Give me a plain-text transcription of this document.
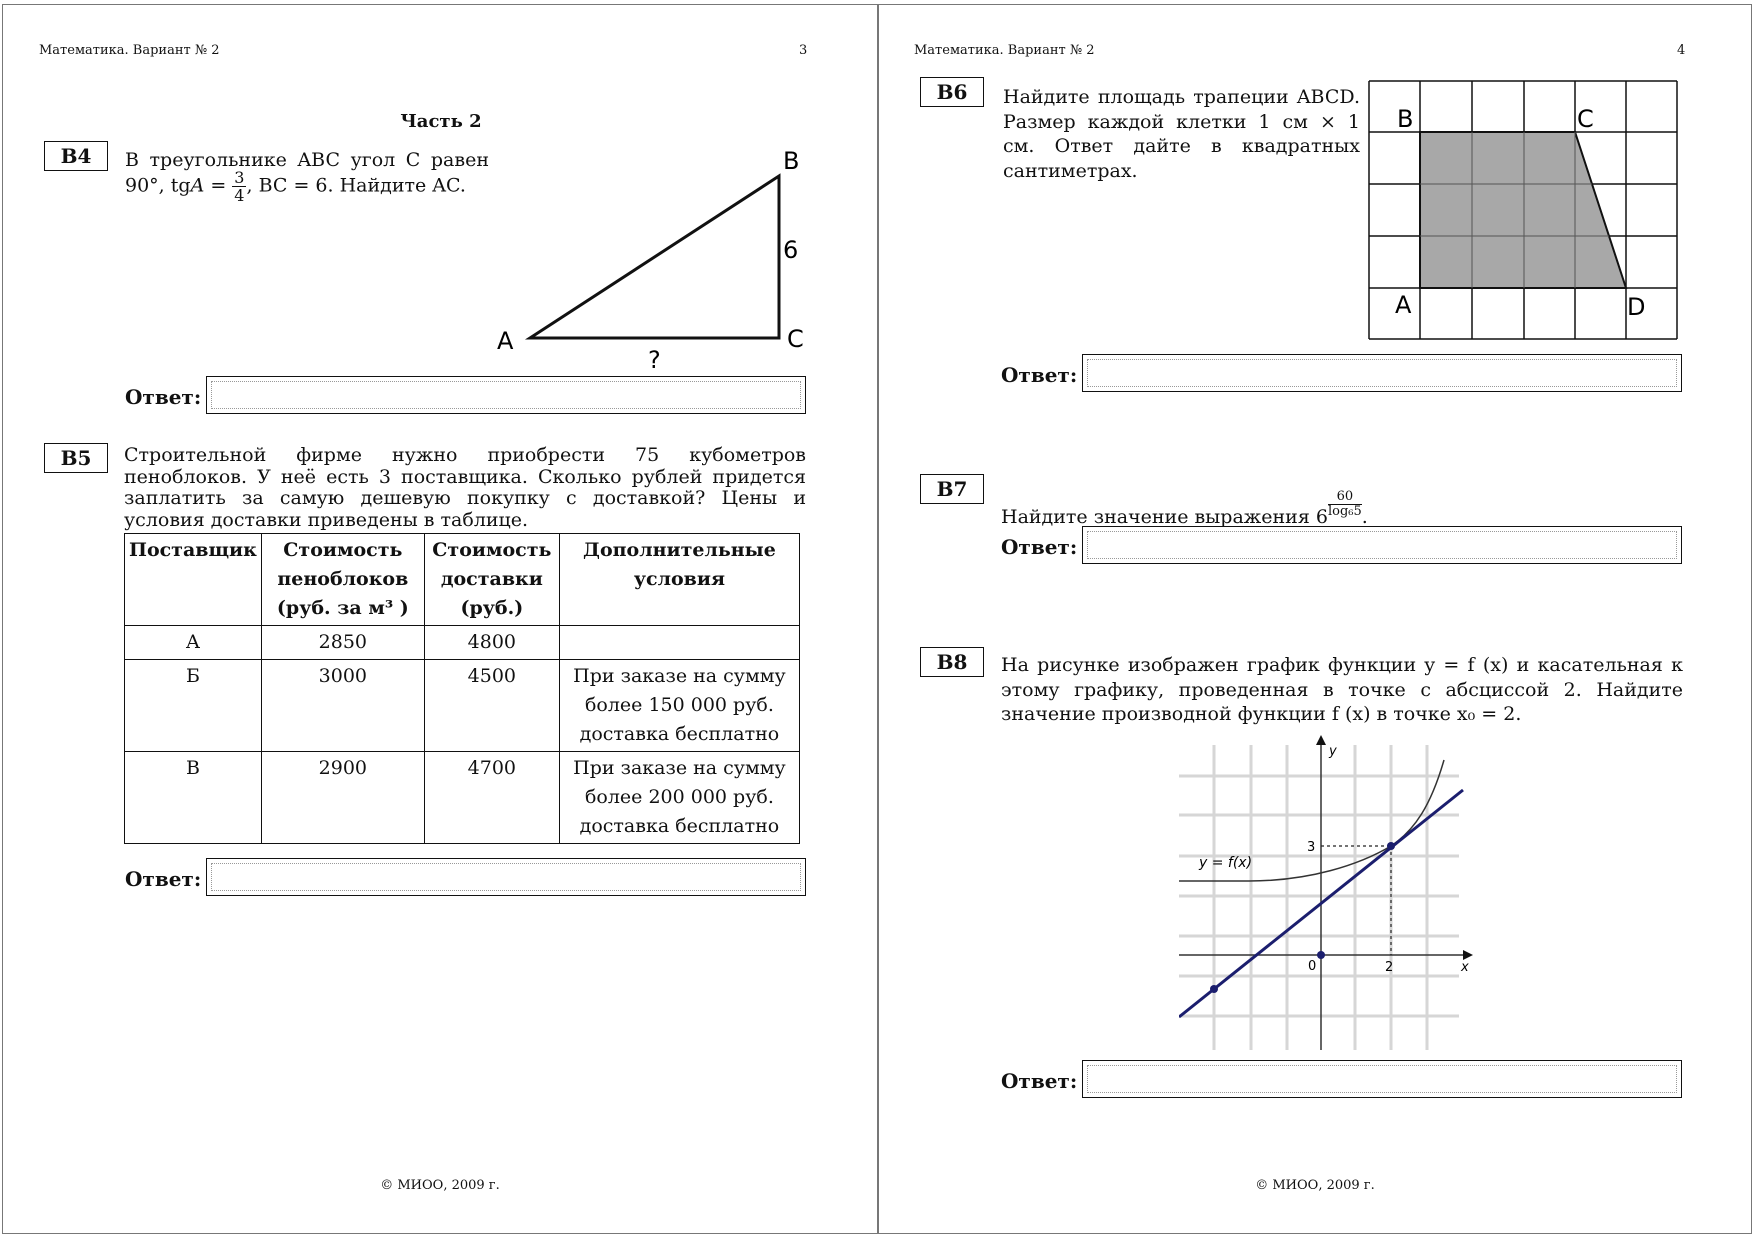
Математика. Вариант № 2	3
Часть 2
B4	В треугольнике ABC угол C равен
90°, tgA = $\frac{3}{4}$ , BC = 6. Найдите AC.
A
B
C
6
?
Ответ:
B5	Строительной фирме нужно приобрести 75 кубометров пеноблоков. У неё есть 3 поставщика. Сколько рублей придется заплатить за самую дешевую покупку с доставкой? Цены и условия доставки приведены в таблице.
Поставщик	Стоимость пеноблоков (руб. за м³ )	Стоимость доставки (руб.)	Дополнительные условия
А	2850	4800	
Б	3000	4500	При заказе на сумму более 150 000 руб. доставка бесплатно
В	2900	4700	При заказе на сумму более 200 000 руб. доставка бесплатно
Ответ:
© МИОО, 2009 г.
Математика. Вариант № 2	4
B6	Найдите площадь трапеции ABCD. Размер каждой клетки 1 см × 1 см. Ответ дайте в квадратных сантиметрах.
B	C
A	D
Ответ:
B7
Найдите значение выражения $6 \frac{60}{\text{log₆5}}$ .
Ответ:
B8	На рисунке изображен график функции y = f (x) и касательная к этому графику, проведенная в точке с абсциссой 2. Найдите значение производной функции f (x) в точке x₀ = 2.
y
x
0	2
3
y = f(x)
Ответ:
© МИОО, 2009 г.
